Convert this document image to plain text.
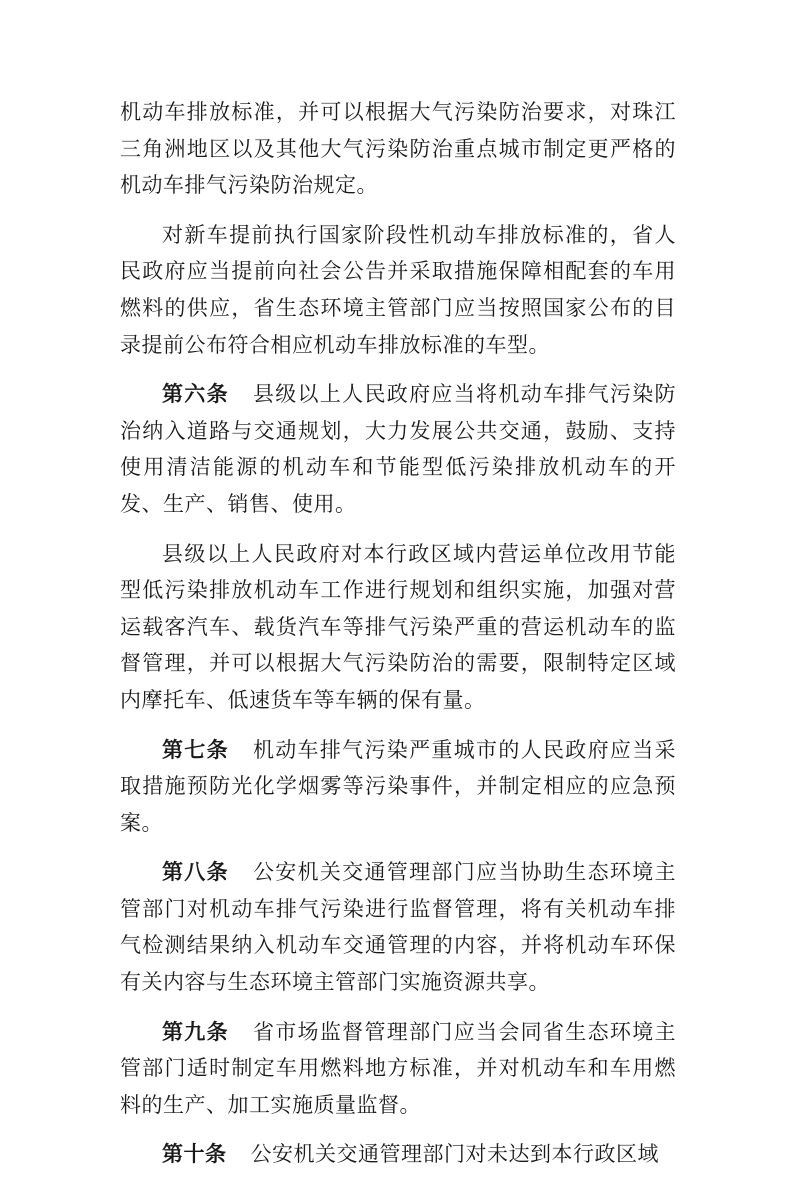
机动车排放标准，并可以根据大气污染防治要求，对珠江三角洲地区以及其他大气污染防治重点城市制定更严格的机动车排气污染防治规定。

对新车提前执行国家阶段性机动车排放标准的，省人民政府应当提前向社会公告并采取措施保障相配套的车用燃料的供应，省生态环境主管部门应当按照国家公布的目录提前公布符合相应机动车排放标准的车型。

第六条 县级以上人民政府应当将机动车排气污染防治纳入道路与交通规划，大力发展公共交通，鼓励、支持使用清洁能源的机动车和节能型低污染排放机动车的开发、生产、销售、使用。

县级以上人民政府对本行政区域内营运单位改用节能型低污染排放机动车工作进行规划和组织实施，加强对营运载客汽车、载货汽车等排气污染严重的营运机动车的监督管理，并可以根据大气污染防治的需要，限制特定区域内摩托车、低速货车等车辆的保有量。

第七条 机动车排气污染严重城市的人民政府应当采取措施预防光化学烟雾等污染事件，并制定相应的应急预案。

第八条 公安机关交通管理部门应当协助生态环境主管部门对机动车排气污染进行监督管理，将有关机动车排气检测结果纳入机动车交通管理的内容，并将机动车环保有关内容与生态环境主管部门实施资源共享。

第九条 省市场监督管理部门应当会同省生态环境主管部门适时制定车用燃料地方标准，并对机动车和车用燃料的生产、加工实施质量监督。

第十条 公安机关交通管理部门对未达到本行政区域
